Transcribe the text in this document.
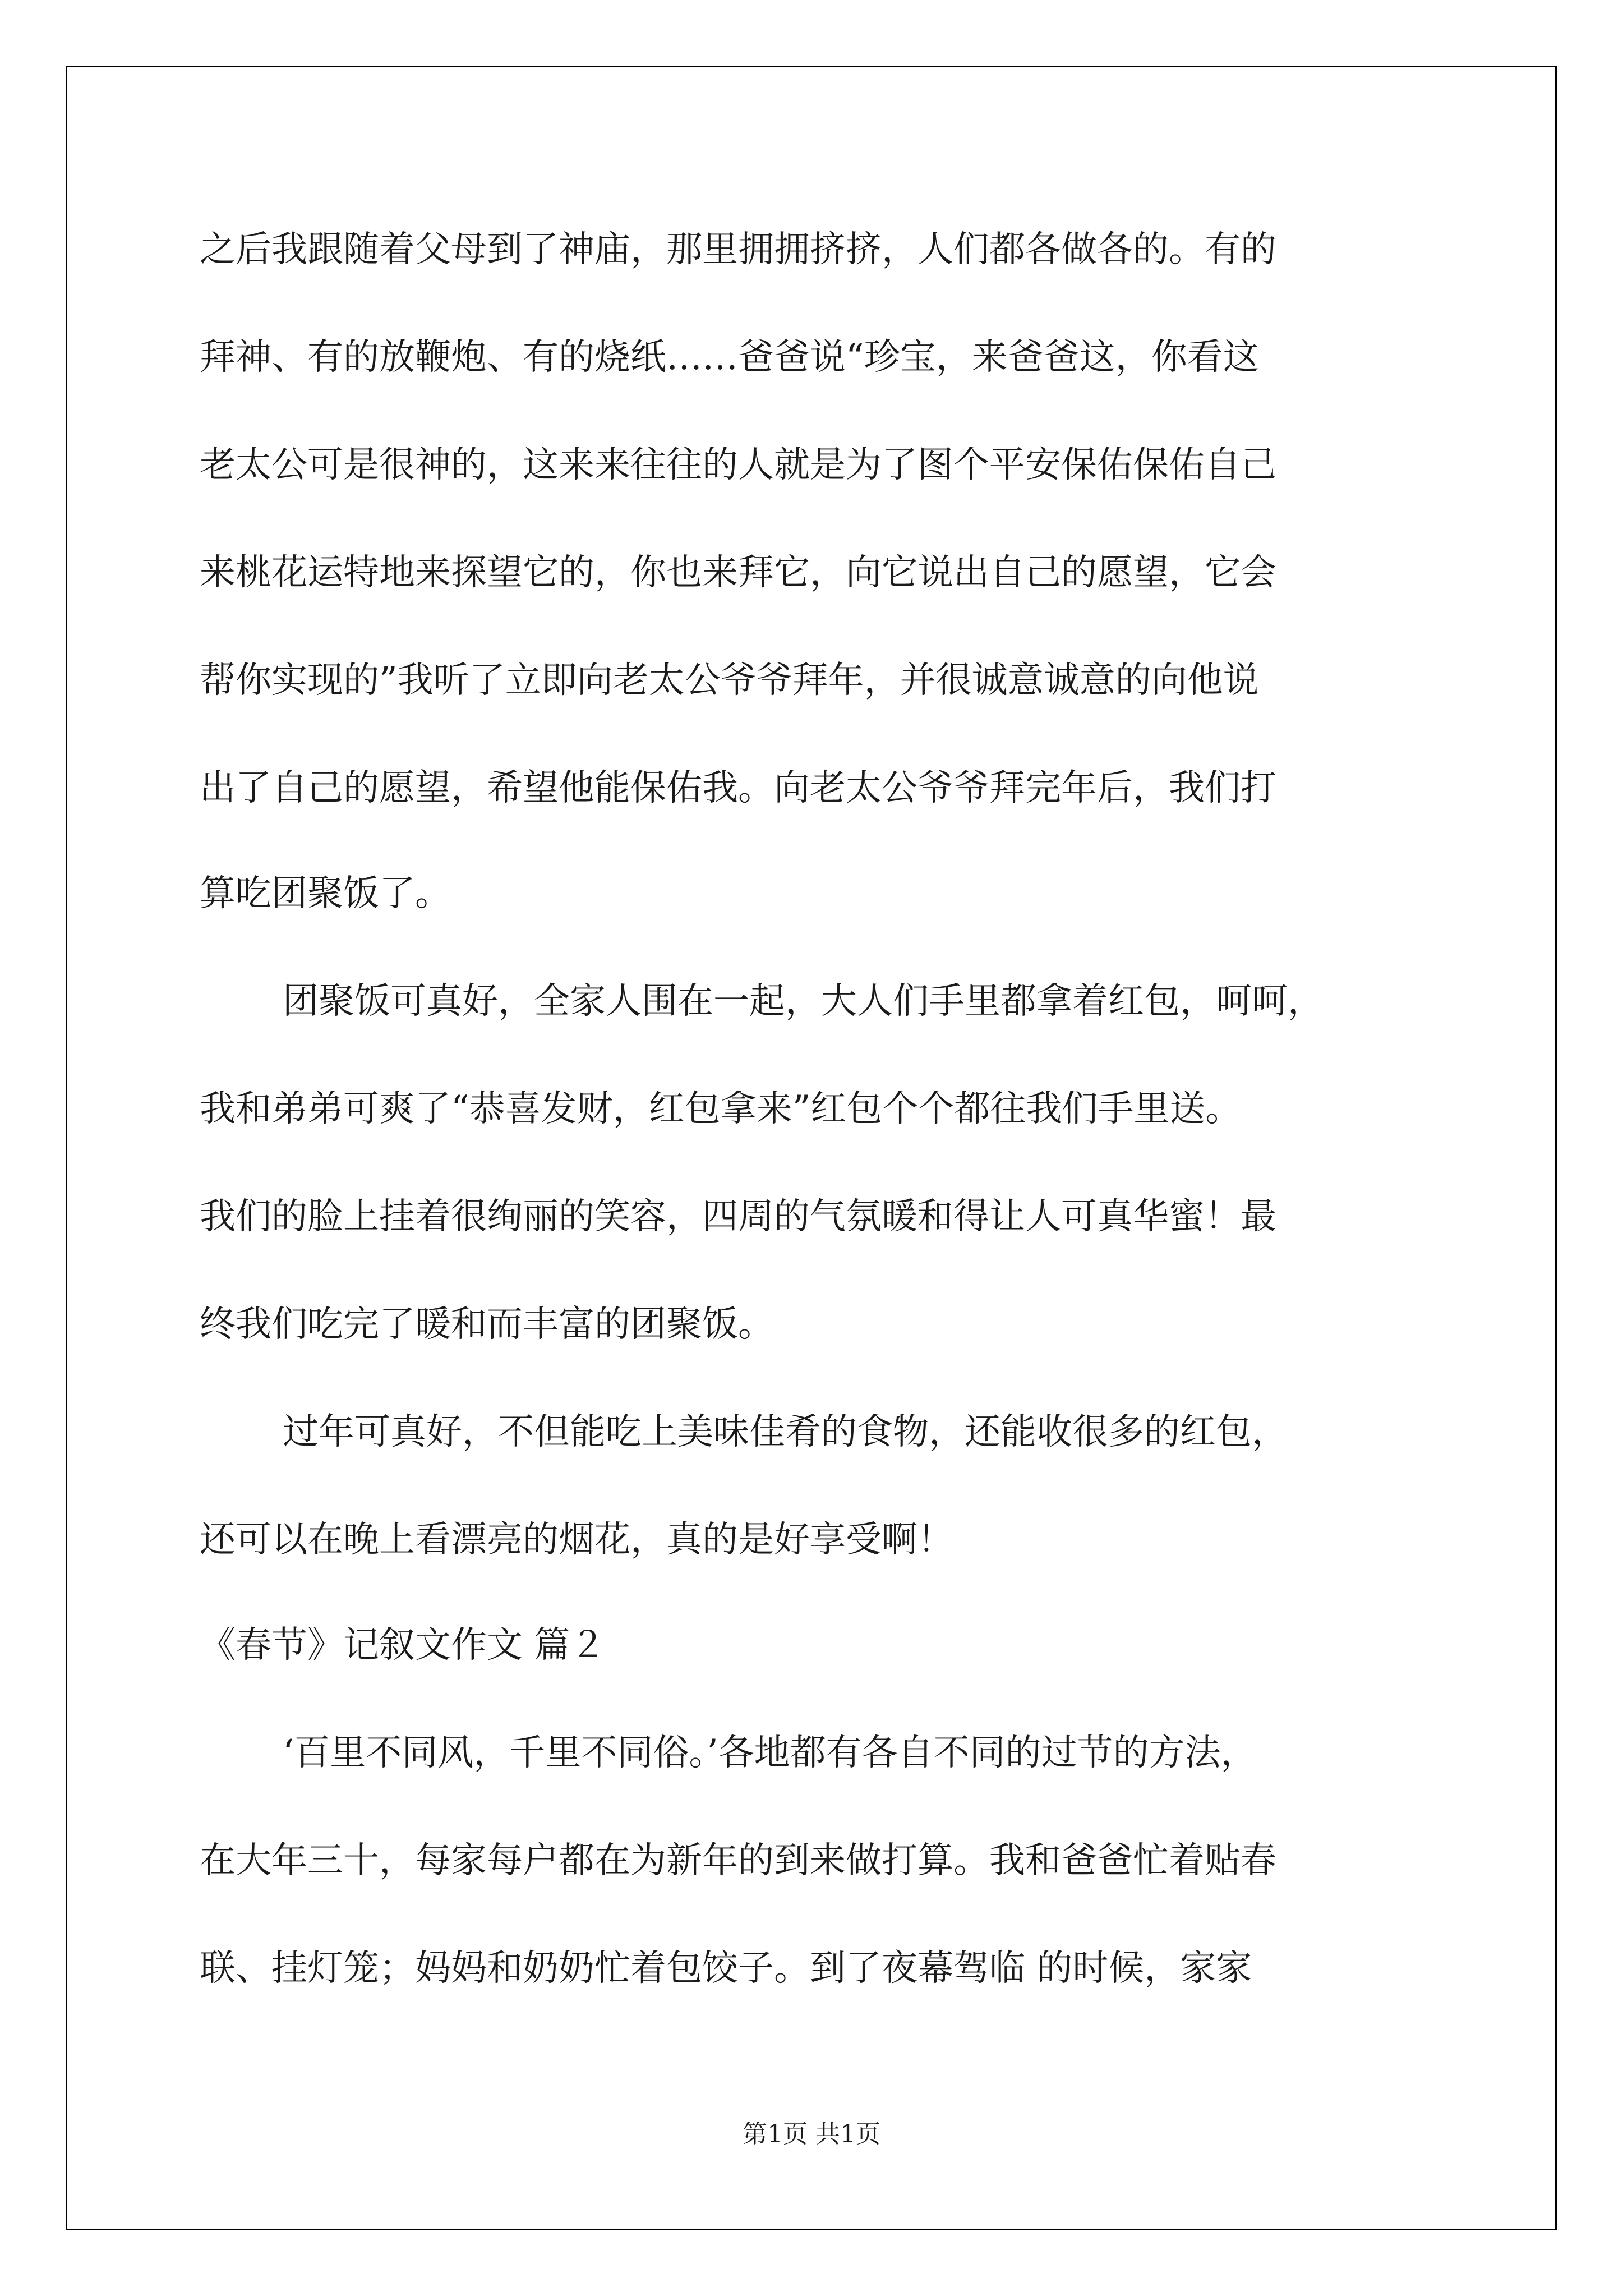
之后我跟随着父母到了神庙，那里拥拥挤挤，人们都各做各的。有的
拜神、有的放鞭炮、有的烧纸……爸爸说“珍宝，来爸爸这，你看这
老太公可是很神的，这来来往往的人就是为了图个平安保佑保佑自己
来桃花运特地来探望它的，你也来拜它，向它说出自己的愿望，它会
帮你实现的”我听了立即向老太公爷爷拜年，并很诚意诚意的向他说
出了自己的愿望，希望他能保佑我。向老太公爷爷拜完年后，我们打
算吃团聚饭了。
团聚饭可真好，全家人围在一起，大人们手里都拿着红包，呵呵，
我和弟弟可爽了“恭喜发财，红包拿来”红包个个都往我们手里送。
我们的脸上挂着很绚丽的笑容，四周的气氛暖和得让人可真华蜜！最
终我们吃完了暖和而丰富的团聚饭。
过年可真好，不但能吃上美味佳肴的食物，还能收很多的红包，
还可以在晚上看漂亮的烟花，真的是好享受啊！
《春节》记叙文作文 篇２
‘百里不同风，千里不同俗。’各地都有各自不同的过节的方法，
在大年三十，每家每户都在为新年的到来做打算。我和爸爸忙着贴春
联、挂灯笼；妈妈和奶奶忙着包饺子。到了夜幕驾临 的时候，家家
第1页 共1页
